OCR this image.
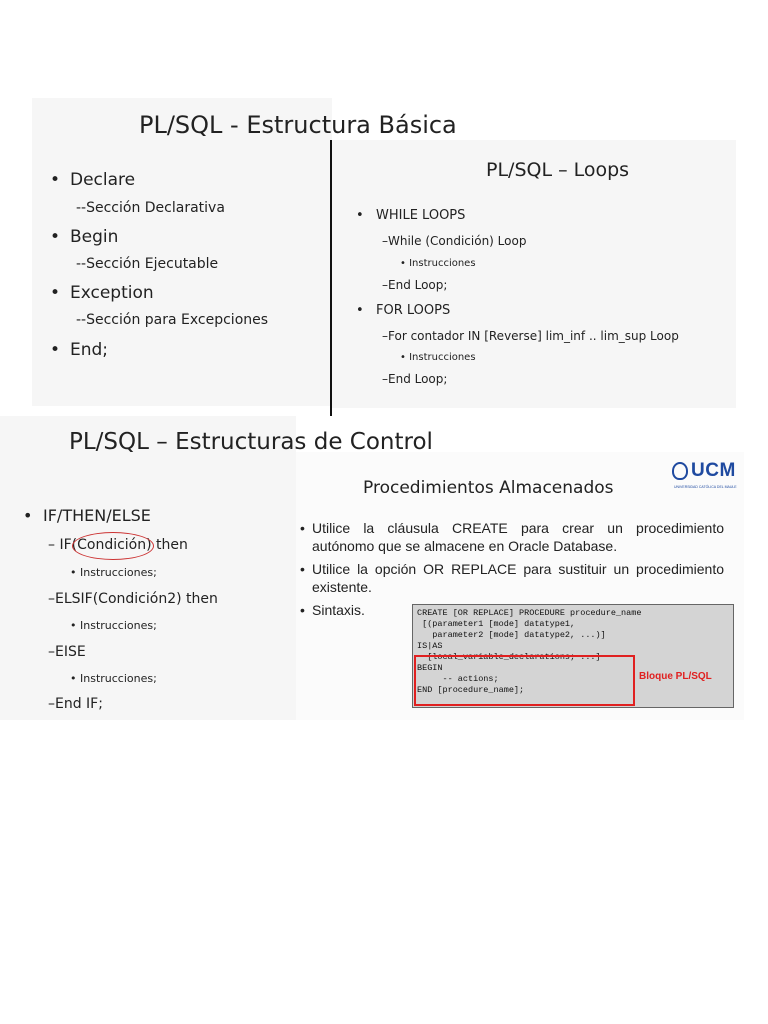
PL/SQL - Estructura Básica
• Declare
--Sección Declarativa
• Begin
--Sección Ejecutable
• Exception
--Sección para Excepciones
• End;
PL/SQL – Loops
• WHILE LOOPS
– While (Condición) Loop
• Instrucciones
– End Loop;
• FOR LOOPS
– For contador IN [Reverse] lim_inf .. lim_sup Loop
• Instrucciones
– End Loop;
PL/SQL – Estructuras de Control
• IF/THEN/ELSE
– IF(Condición) then
• Instrucciones;
– ELSIF(Condición2) then
• Instrucciones;
– EISE
• Instrucciones;
– End IF;
Procedimientos Almacenados
UCM
UNIVERSIDAD CATÓLICA DEL MAULE
• Utilice la cláusula CREATE para crear un procedimiento autónomo que se almacene en Oracle Database.
• Utilice la opción OR REPLACE para sustituir un procedimiento existente.
• Sintaxis.	CREATE [OR REPLACE] PROCEDURE procedure_name
[(parameter1 [mode] datatype1,
parameter2 [mode] datatype2, ...)]
IS|AS
[local_variable_declarations; ...]
BEGIN
-- actions;
END [procedure_name];
Bloque PL/SQL
